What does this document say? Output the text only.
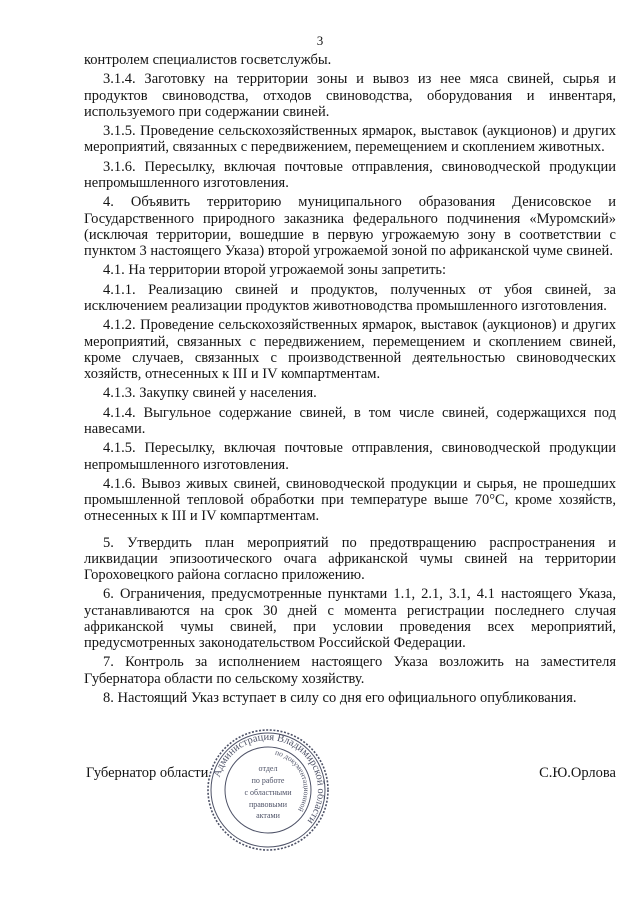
3

контролем специалистов госветслужбы.

3.1.4. Заготовку на территории зоны и вывоз из нее мяса свиней, сырья и продуктов свиноводства, отходов свиноводства, оборудования и инвентаря, используемого при содержании свиней.

3.1.5. Проведение сельскохозяйственных ярмарок, выставок (аукционов) и других мероприятий, связанных с передвижением, перемещением и скоплением животных.

3.1.6. Пересылку, включая почтовые отправления, свиноводческой продукции непромышленного изготовления.

4. Объявить территорию муниципального образования Денисовское и Государственного природного заказника федерального подчинения «Муромский» (исключая территории, вошедшие в первую угрожаемую зону в соответствии с пунктом 3 настоящего Указа) второй угрожаемой зоной по африканской чуме свиней.

4.1. На территории второй угрожаемой зоны запретить:

4.1.1. Реализацию свиней и продуктов, полученных от убоя свиней, за исключением реализации продуктов животноводства промышленного изготовления.

4.1.2. Проведение сельскохозяйственных ярмарок, выставок (аукционов) и других мероприятий, связанных с передвижением, перемещением и скоплением свиней, кроме случаев, связанных с производственной деятельностью свиноводческих хозяйств, отнесенных к III и IV компартментам.

4.1.3. Закупку свиней у населения.

4.1.4. Выгульное содержание свиней, в том числе свиней, содержащихся под навесами.

4.1.5. Пересылку, включая почтовые отправления, свиноводческой продукции непромышленного изготовления.

4.1.6. Вывоз живых свиней, свиноводческой продукции и сырья, не прошедших промышленной тепловой обработки при температуре выше 70°С, кроме хозяйств, отнесенных к III и IV компартментам.

5. Утвердить план мероприятий по предотвращению распространения и ликвидации эпизоотического очага африканской чумы свиней на территории Гороховецкого района согласно приложению.

6. Ограничения, предусмотренные пунктами 1.1, 2.1, 3.1, 4.1 настоящего Указа, устанавливаются на срок 30 дней с момента регистрации последнего случая африканской чумы свиней, при условии проведения всех мероприятий, предусмотренных законодательством Российской Федерации.

7. Контроль за исполнением настоящего Указа возложить на заместителя Губернатора области по сельскому хозяйству.

8. Настоящий Указ вступает в силу со дня его официального опубликования.

Губернатор области	С.Ю.Орлова
Администрация Владимирской области
по документационной
отдел
по работе
с областными
правовыми
актами
